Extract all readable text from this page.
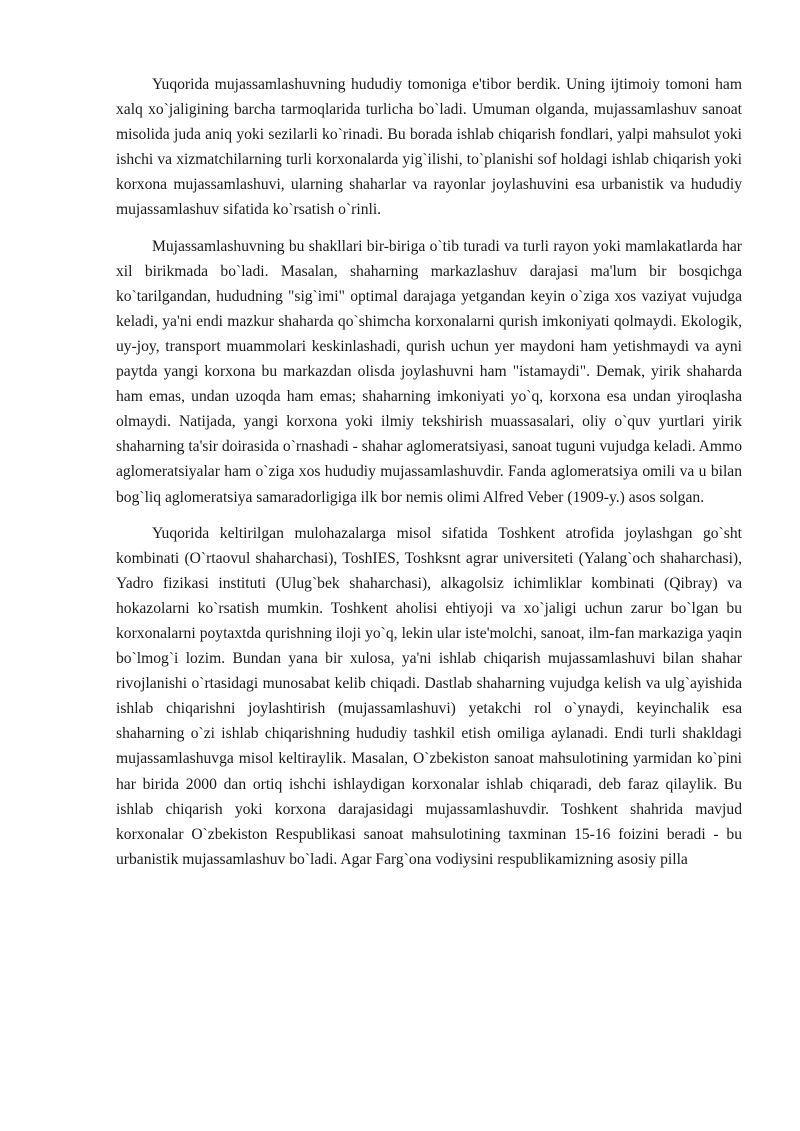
Yuqorida mujassamlashuvning hududiy tomoniga e'tibor berdik. Uning ijtimoiy tomoni ham xalq xo`jaligining barcha tarmoqlarida turlicha bo`ladi. Umuman olganda, mujassamlashuv sanoat misolida juda aniq yoki sezilarli ko`rinadi. Bu borada ishlab chiqarish fondlari, yalpi mahsulot yoki ishchi va xizmatchilarning turli korxonalarda yig`ilishi, to`planishi sof holdagi ishlab chiqarish yoki korxona mujassamlashuvi, ularning shaharlar va rayonlar joylashuvini esa urbanistik va hududiy mujassamlashuv sifatida ko`rsatish o`rinli.

Mujassamlashuvning bu shakllari bir-biriga o`tib turadi va turli rayon yoki mamlakatlarda har xil birikmada bo`ladi. Masalan, shaharning markazlashuv darajasi ma'lum bir bosqichga ko`tarilgandan, hududning "sig`imi" optimal darajaga yetgandan keyin o`ziga xos vaziyat vujudga keladi, ya'ni endi mazkur shaharda qo`shimcha korxonalarni qurish imkoniyati qolmaydi. Ekologik, uy-joy, transport muammolari keskinlashadi, qurish uchun yer maydoni ham yetishmaydi va ayni paytda yangi korxona bu markazdan olisda joylashuvni ham "istamaydi". Demak, yirik shaharda ham emas, undan uzoqda ham emas; shaharning imkoniyati yo`q, korxona esa undan yiroqlasha olmaydi. Natijada, yangi korxona yoki ilmiy tekshirish muassasalari, oliy o`quv yurtlari yirik shaharning ta'sir doirasida o`rnashadi - shahar aglomeratsiyasi, sanoat tuguni vujudga keladi. Ammo aglomeratsiyalar ham o`ziga xos hududiy mujassamlashuvdir. Fanda aglomeratsiya omili va u bilan bog`liq aglomeratsiya samaradorligiga ilk bor nemis olimi Alfred Veber (1909-y.) asos solgan.

Yuqorida keltirilgan mulohazalarga misol sifatida Toshkent atrofida joylashgan go`sht kombinati (O`rtaovul shaharchasi), ToshIES, Toshksnt agrar universiteti (Yalang`och shaharchasi), Yadro fizikasi instituti (Ulug`bek shaharchasi), alkagolsiz ichimliklar kombinati (Qibray) va hokazolarni ko`rsatish mumkin. Toshkent aholisi ehtiyoji va xo`jaligi uchun zarur bo`lgan bu korxonalarni poytaxtda qurishning iloji yo`q, lekin ular iste'molchi, sanoat, ilm-fan markaziga yaqin bo`lmog`i lozim. Bundan yana bir xulosa, ya'ni ishlab chiqarish mujassamlashuvi bilan shahar rivojlanishi o`rtasidagi munosabat kelib chiqadi. Dastlab shaharning vujudga kelish va ulg`ayishida ishlab chiqarishni joylashtirish (mujassamlashuvi) yetakchi rol o`ynaydi, keyinchalik esa shaharning o`zi ishlab chiqarishning hududiy tashkil etish omiliga aylanadi. Endi turli shakldagi mujassamlashuvga misol keltiraylik. Masalan, O`zbekiston sanoat mahsulotining yarmidan ko`pini har birida 2000 dan ortiq ishchi ishlaydigan korxonalar ishlab chiqaradi, deb faraz qilaylik. Bu ishlab chiqarish yoki korxona darajasidagi mujassamlashuvdir. Toshkent shahrida mavjud korxonalar O`zbekiston Respublikasi sanoat mahsulotining taxminan 15-16 foizini beradi - bu urbanistik mujassamlashuv bo`ladi. Agar Farg`ona vodiysini respublikamizning asosiy pilla
